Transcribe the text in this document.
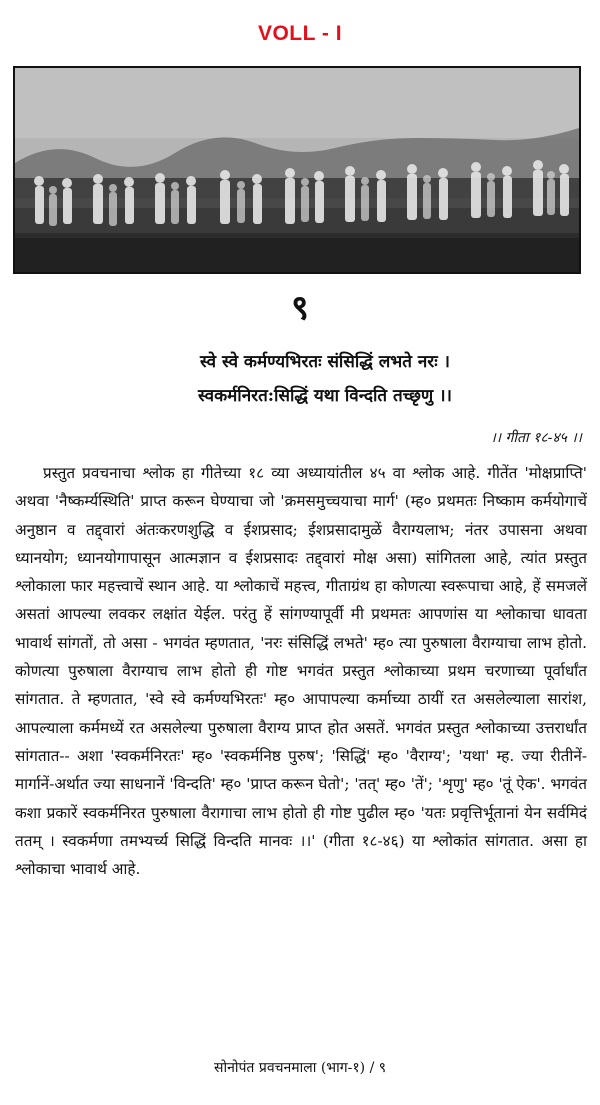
VOLL - I
९
स्वे स्वे कर्मण्यभिरतः संसिद्धिं लभते नरः ।
स्वकर्मनिरत:सिद्धिं यथा विन्दति तच्छृणु ।।
।। गीता १८-४५ ।।

प्रस्तुत प्रवचनाचा श्लोक हा गीतेच्या १८ व्या अध्यायांतील ४५ वा श्लोक आहे. गीतेंत 'मोक्षप्राप्ति' अथवा 'नैष्कर्म्यस्थिति' प्राप्त करून घेण्याचा जो 'क्रमसमुच्चयाचा मार्ग' (म्ह० प्रथमतः निष्काम कर्मयोगाचें अनुष्ठान व तद्द्वारां अंतःकरणशुद्धि व ईशप्रसाद; ईशप्रसादामुळें वैराग्यलाभ; नंतर उपासना अथवा ध्यानयोग; ध्यानयोगापासून आत्मज्ञान व ईशप्रसादः तद्द्वारां मोक्ष असा) सांगितला आहे, त्यांत प्रस्तुत श्लोकाला फार महत्त्वाचें स्थान आहे. या श्लोकाचें महत्त्व, गीताग्रंथ हा कोणत्या स्वरूपाचा आहे, हें समजलें असतां आपल्या लवकर लक्षांत येईल. परंतु हें सांगण्यापूर्वी मी प्रथमतः आपणांस या श्लोकाचा धावता भावार्थ सांगतों, तो असा - भगवंत म्हणतात, 'नरः संसिद्धिं लभते' म्ह० त्या पुरुषाला वैराग्याचा लाभ होतो. कोणत्या पुरुषाला वैराग्याच लाभ होतो ही गोष्ट भगवंत प्रस्तुत श्लोकाच्या प्रथम चरणाच्या पूर्वार्धांत सांगतात. ते म्हणतात, 'स्वे स्वे कर्मण्यभिरतः' म्ह० आपापल्या कर्माच्या ठायीं रत असलेल्याला सारांश, आपल्याला कर्ममध्यें रत असलेल्या पुरुषाला वैराग्य प्राप्त होत असतें. भगवंत प्रस्तुत श्लोकाच्या उत्तरार्धांत सांगतात-- अशा 'स्वकर्मनिरतः' म्ह० 'स्वकर्मनिष्ठ पुरुष'; 'सिद्धिं' म्ह० 'वैराग्य'; 'यथा' म्ह. ज्या रीतीनें-मार्गानें-अर्थात ज्या साधनानें 'विन्दति' म्ह० 'प्राप्त करून घेतो'; 'तत्' म्ह० 'तें'; 'शृणु' म्ह० 'तूं ऐक'. भगवंत कशा प्रकारें स्वकर्मनिरत पुरुषाला वैरागाचा लाभ होतो ही गोष्ट पुढील म्ह० 'यतः प्रवृत्तिर्भूतानां येन सर्वमिदं ततम् । स्वकर्मणा तमभ्यर्च्य सिद्धिं विन्दति मानवः ।।' (गीता १८-४६) या श्लोकांत सांगतात. असा हा श्लोकाचा भावार्थ आहे.

सोनोपंत प्रवचनमाला (भाग-१) / ९
